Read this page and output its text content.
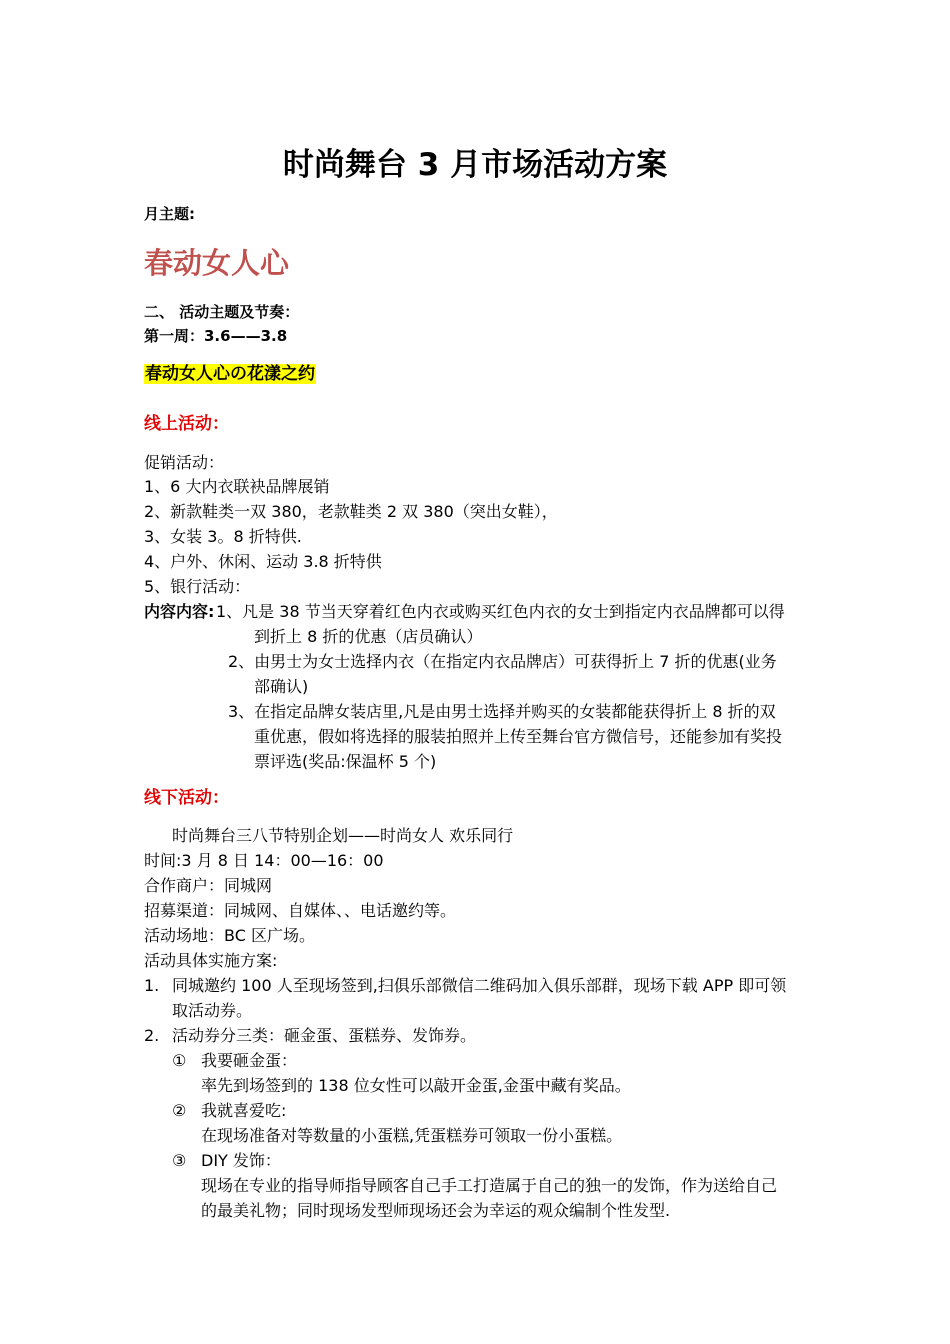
时尚舞台 3 月市场活动方案
月主题:
春动女人心
二、 活动主题及节奏：
第一周：3.6——3.8
春动女人心の花漾之约
线上活动：
促销活动：
1、6 大内衣联袂品牌展销
2、新款鞋类一双 380，老款鞋类 2 双 380（突出女鞋），
3、女装 3。8 折特供.
4、户外、休闲、运动 3.8 折特供
5、银行活动：
内容内容: 1、凡是 38 节当天穿着红色内衣或购买红色内衣的女士到指定内衣品牌都可以得
到折上 8 折的优惠（店员确认）
2、由男士为女士选择内衣（在指定内衣品牌店）可获得折上 7 折的优惠(业务
部确认)
3、在指定品牌女装店里,凡是由男士选择并购买的女装都能获得折上 8 折的双
重优惠，假如将选择的服装拍照并上传至舞台官方微信号，还能参加有奖投
票评选(奖品:保温杯 5 个)
线下活动：
时尚舞台三八节特别企划——时尚女人 欢乐同行
时间:3 月 8 日 14：00—16：00
合作商户：同城网
招募渠道：同城网、自媒体、、电话邀约等。
活动场地：BC 区广场。
活动具体实施方案:
1. 同城邀约 100 人至现场签到,扫俱乐部微信二维码加入俱乐部群，现场下载 APP 即可领
取活动券。
2. 活动券分三类：砸金蛋、蛋糕券、发饰券。
① 我要砸金蛋：
率先到场签到的 138 位女性可以敲开金蛋,金蛋中藏有奖品。
② 我就喜爱吃:
在现场准备对等数量的小蛋糕,凭蛋糕券可领取一份小蛋糕。
③ DIY 发饰：
现场在专业的指导师指导顾客自己手工打造属于自己的独一的发饰，作为送给自己
的最美礼物；同时现场发型师现场还会为幸运的观众编制个性发型.
